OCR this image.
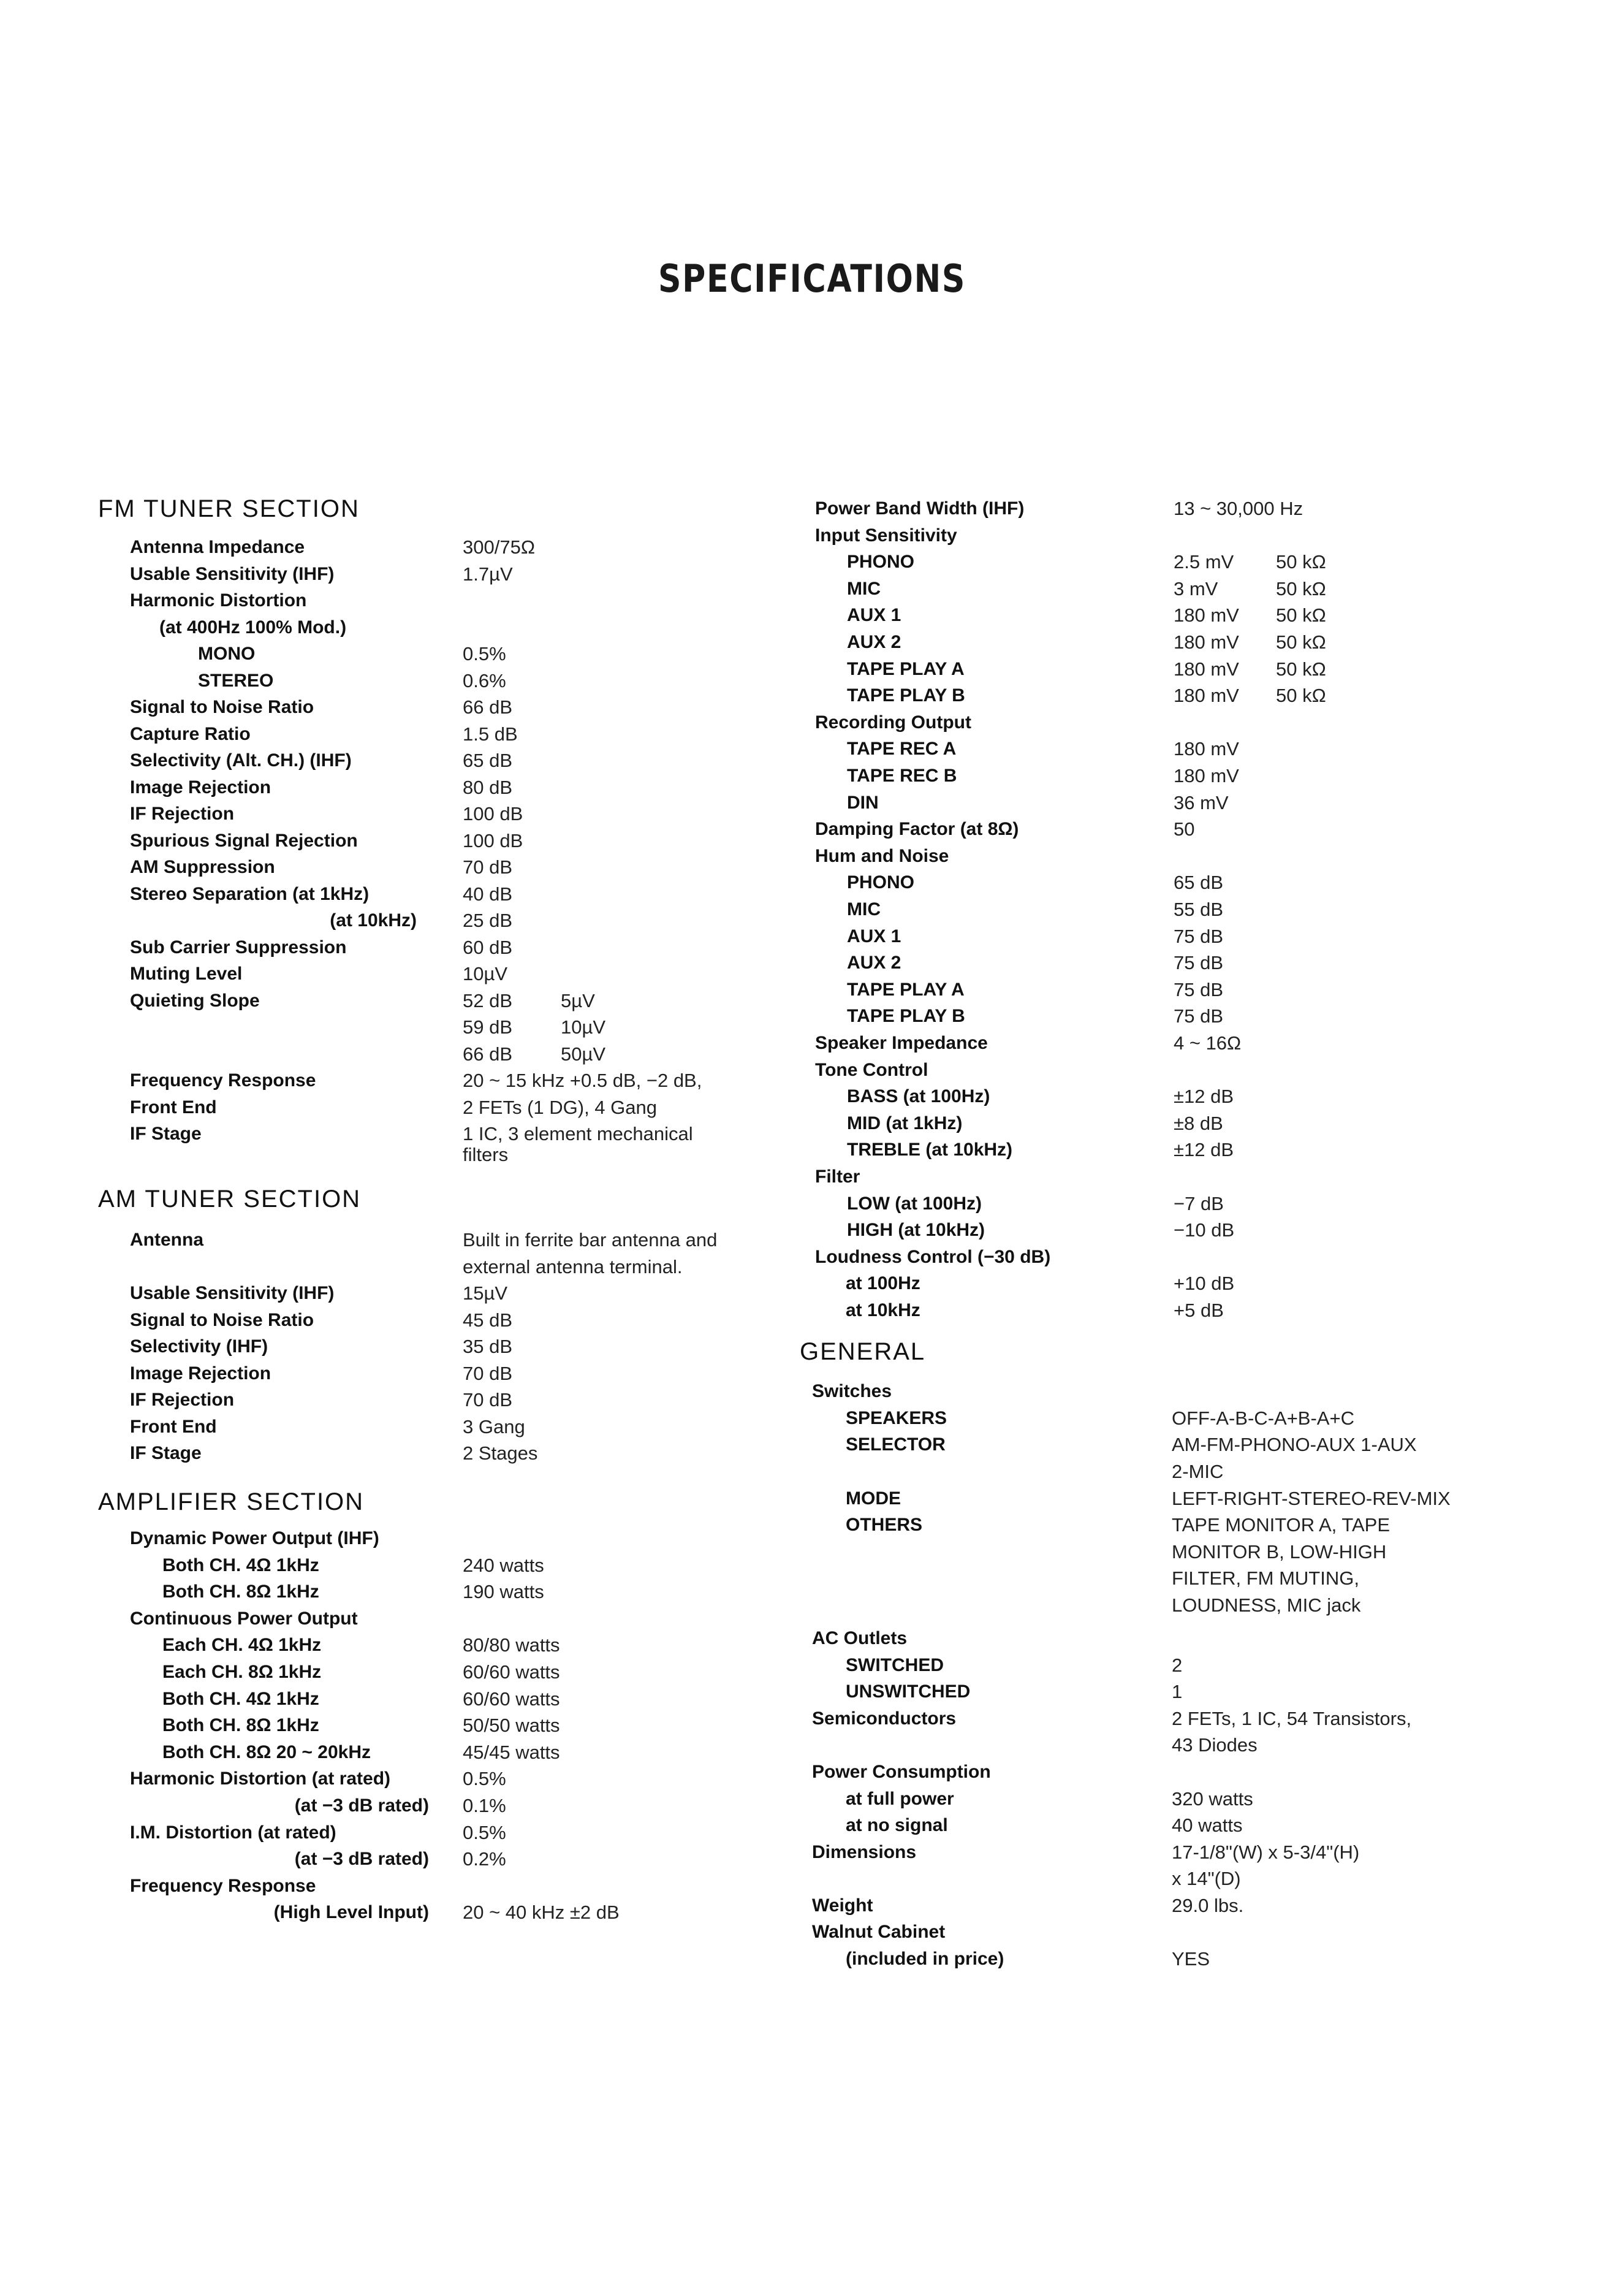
SPECIFICATIONS
FM TUNER SECTION
Antenna Impedance	300/75Ω
Usable Sensitivity (IHF)	1.7µV
Harmonic Distortion
(at 400Hz 100% Mod.)
MONO	0.5%
STEREO	0.6%
Signal to Noise Ratio	66 dB
Capture Ratio	1.5 dB
Selectivity (Alt. CH.) (IHF)	65 dB
Image Rejection	80 dB
IF Rejection	100 dB
Spurious Signal Rejection	100 dB
AM Suppression	70 dB
Stereo Separation (at 1kHz)	40 dB
(at 10kHz) 25 dB
Sub Carrier Suppression	60 dB
Muting Level	10µV
Quieting Slope	52 dB	5µV
59 dB	10µV
66 dB	50µV
Frequency Response	20 ~ 15 kHz +0.5 dB, −2 dB,
Front End	2 FETs (1 DG), 4 Gang
IF Stage	1 IC, 3 element mechanical
filters
AM TUNER SECTION
Antenna	Built in ferrite bar antenna and
external antenna terminal.
Usable Sensitivity (IHF)	15µV
Signal to Noise Ratio	45 dB
Selectivity (IHF)	35 dB
Image Rejection	70 dB
IF Rejection	70 dB
Front End	3 Gang
IF Stage	2 Stages
AMPLIFIER SECTION
Dynamic Power Output (IHF)
Both CH. 4Ω 1kHz	240 watts
Both CH. 8Ω 1kHz	190 watts
Continuous Power Output
Each CH. 4Ω 1kHz	80/80 watts
Each CH. 8Ω 1kHz	60/60 watts
Both CH. 4Ω 1kHz	60/60 watts
Both CH. 8Ω 1kHz	50/50 watts
Both CH. 8Ω 20 ~ 20kHz	45/45 watts
Harmonic Distortion (at rated)	0.5%
(at −3 dB rated) 0.1%
I.M. Distortion (at rated)	0.5%
(at −3 dB rated) 0.2%
Frequency Response
(High Level Input) 20 ~ 40 kHz ±2 dB
Power Band Width (IHF)	13 ~ 30,000 Hz
Input Sensitivity
PHONO	2.5 mV 50 kΩ
MIC	3 mV	50 kΩ
AUX 1	180 mV 50 kΩ
AUX 2	180 mV 50 kΩ
TAPE PLAY A	180 mV 50 kΩ
TAPE PLAY B	180 mV 50 kΩ
Recording Output
TAPE REC A	180 mV
TAPE REC B	180 mV
DIN	36 mV
Damping Factor (at 8Ω)	50
Hum and Noise
PHONO	65 dB
MIC	55 dB
AUX 1	75 dB
AUX 2	75 dB
TAPE PLAY A	75 dB
TAPE PLAY B	75 dB
Speaker Impedance	4 ~ 16Ω
Tone Control
BASS (at 100Hz)	±12 dB
MID (at 1kHz)	±8 dB
TREBLE (at 10kHz)	±12 dB
Filter
LOW (at 100Hz)	−7 dB
HIGH (at 10kHz)	−10 dB
Loudness Control (−30 dB)
at 100Hz	+10 dB
at 10kHz	+5 dB
GENERAL
Switches
SPEAKERS	OFF-A-B-C-A+B-A+C
SELECTOR	AM-FM-PHONO-AUX 1-AUX
2-MIC
MODE	LEFT-RIGHT-STEREO-REV-MIX
OTHERS	TAPE MONITOR A, TAPE
MONITOR B, LOW-HIGH
FILTER, FM MUTING,
LOUDNESS, MIC jack
AC Outlets
SWITCHED	2
UNSWITCHED	1
Semiconductors	2 FETs, 1 IC, 54 Transistors,
43 Diodes
Power Consumption
at full power	320 watts
at no signal	40 watts
Dimensions	17-1/8"(W) x 5-3/4"(H)
x 14"(D)
Weight	29.0 lbs.
Walnut Cabinet
(included in price)	YES
